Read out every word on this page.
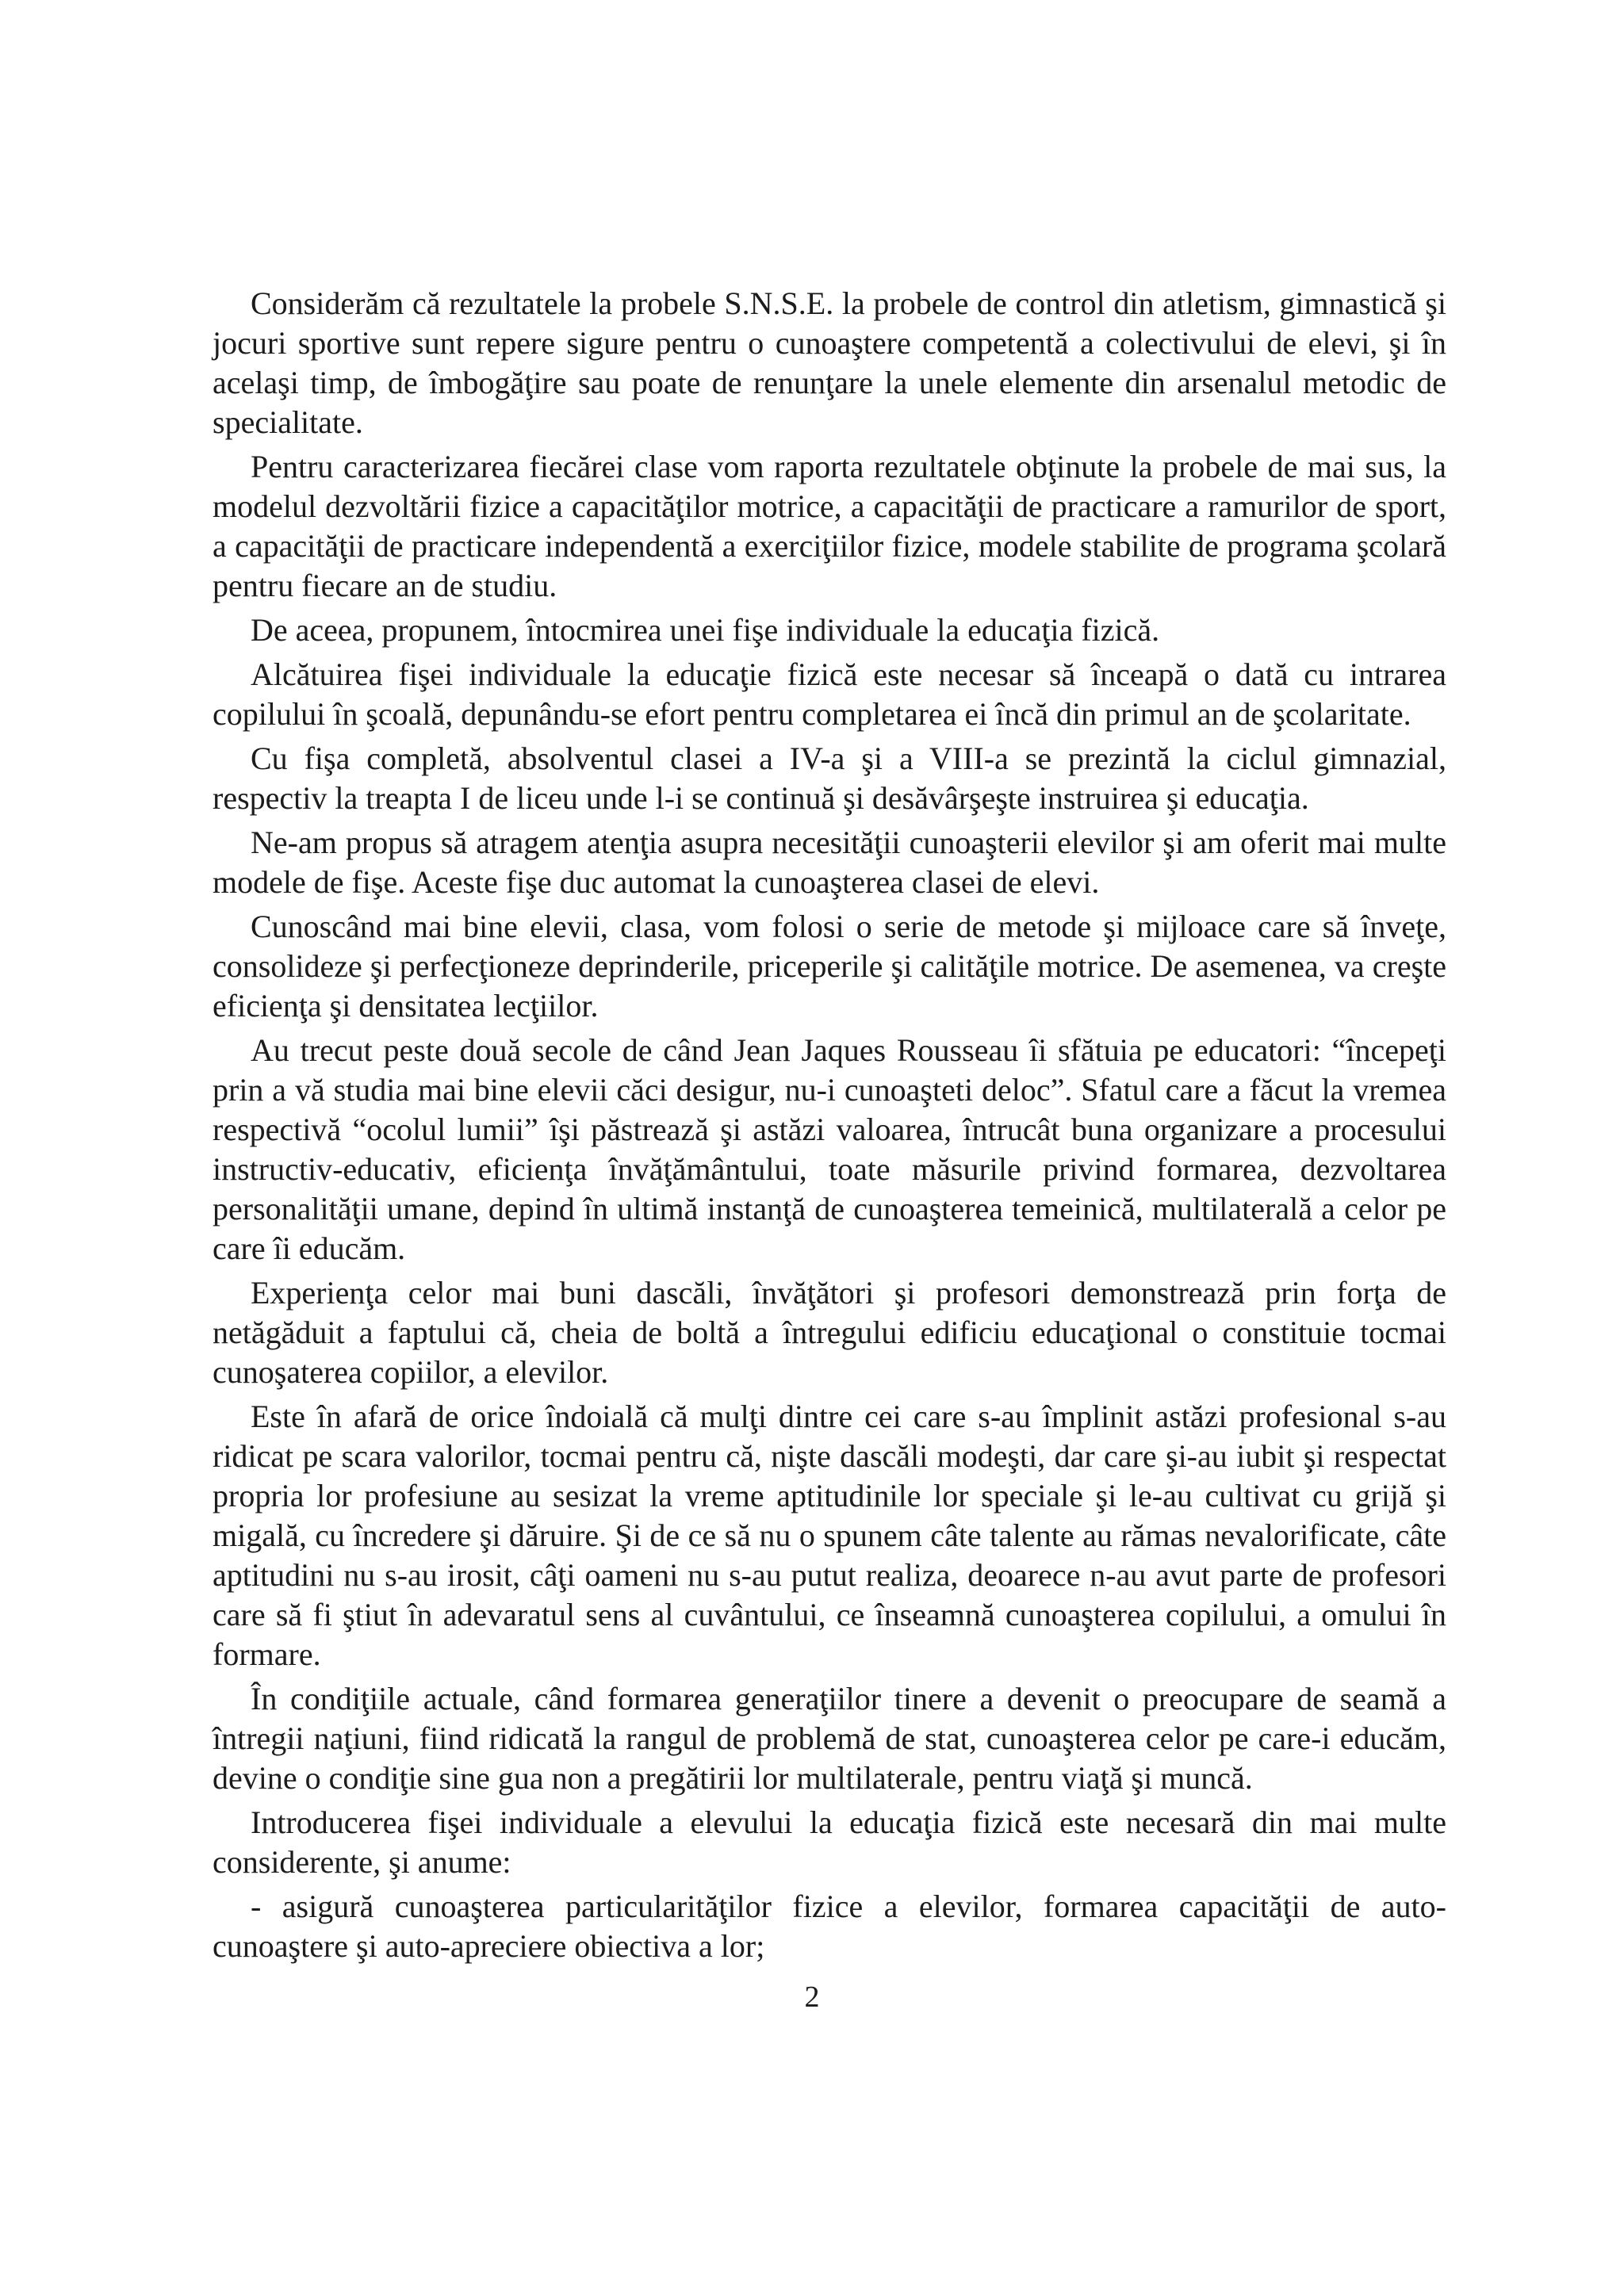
Considerăm că rezultatele la probele S.N.S.E. la probele de control din atletism, gimnastică şi jocuri sportive sunt repere sigure pentru o cunoaştere competentă a colectivului de elevi, şi în acelaşi timp, de îmbogăţire sau poate de renunţare la unele elemente din arsenalul metodic de specialitate.

Pentru caracterizarea fiecărei clase vom raporta rezultatele obţinute la probele de mai sus, la modelul dezvoltării fizice a capacităţilor motrice, a capacităţii de practicare a ramurilor de sport, a capacităţii de practicare independentă a exerciţiilor fizice, modele stabilite de programa şcolară pentru fiecare an de studiu.

De aceea, propunem, întocmirea unei fişe individuale la educaţia fizică.

Alcătuirea fişei individuale la educaţie fizică este necesar să înceapă o dată cu intrarea copilului în şcoală, depunându-se efort pentru completarea ei încă din primul an de şcolaritate.

Cu fişa completă, absolventul clasei a IV-a şi a VIII-a se prezintă la ciclul gimnazial, respectiv la treapta I de liceu unde l-i se continuă şi desăvârşeşte instruirea şi educaţia.

Ne-am propus să atragem atenţia asupra necesităţii cunoaşterii elevilor şi am oferit mai multe modele de fişe. Aceste fişe duc automat la cunoaşterea clasei de elevi.

Cunoscând mai bine elevii, clasa, vom folosi o serie de metode şi mijloace care să înveţe, consolideze şi perfecţioneze deprinderile, priceperile şi calităţile motrice. De asemenea, va creşte eficienţa şi densitatea lecţiilor.

Au trecut peste două secole de când Jean Jaques Rousseau îi sfătuia pe educatori: “începeţi prin a vă studia mai bine elevii căci desigur, nu-i cunoaşteti deloc”. Sfatul care a făcut la vremea respectivă “ocolul lumii” îşi păstrează şi astăzi valoarea, întrucât buna organizare a procesului instructiv-educativ, eficienţa învăţământului, toate măsurile privind formarea, dezvoltarea personalităţii umane, depind în ultimă instanţă de cunoaşterea temeinică, multilaterală a celor pe care îi educăm.

Experienţa celor mai buni dascăli, învăţători şi profesori demonstrează prin forţa de netăgăduit a faptului că, cheia de boltă a întregului edificiu educaţional o constituie tocmai cunoşaterea copiilor, a elevilor.

Este în afară de orice îndoială că mulţi dintre cei care s-au împlinit astăzi profesional s-au ridicat pe scara valorilor, tocmai pentru că, nişte dascăli modeşti, dar care şi-au iubit şi respectat propria lor profesiune au sesizat la vreme aptitudinile lor speciale şi le-au cultivat cu grijă şi migală, cu încredere şi dăruire. Şi de ce să nu o spunem câte talente au rămas nevalorificate, câte aptitudini nu s-au irosit, câţi oameni nu s-au putut realiza, deoarece n-au avut parte de profesori care să fi ştiut în adevaratul sens al cuvântului, ce înseamnă cunoaşterea copilului, a omului în formare.

În condiţiile actuale, când formarea generaţiilor tinere a devenit o preocupare de seamă a întregii naţiuni, fiind ridicată la rangul de problemă de stat, cunoaşterea celor pe care-i educăm, devine o condiţie sine gua non a pregătirii lor multilaterale, pentru viaţă şi muncă.

Introducerea fişei individuale a elevului la educaţia fizică este necesară din mai multe considerente, şi anume:

- asigură cunoaşterea particularităţilor fizice a elevilor, formarea capacităţii de auto-cunoaştere şi auto-apreciere obiectiva a lor;

2
